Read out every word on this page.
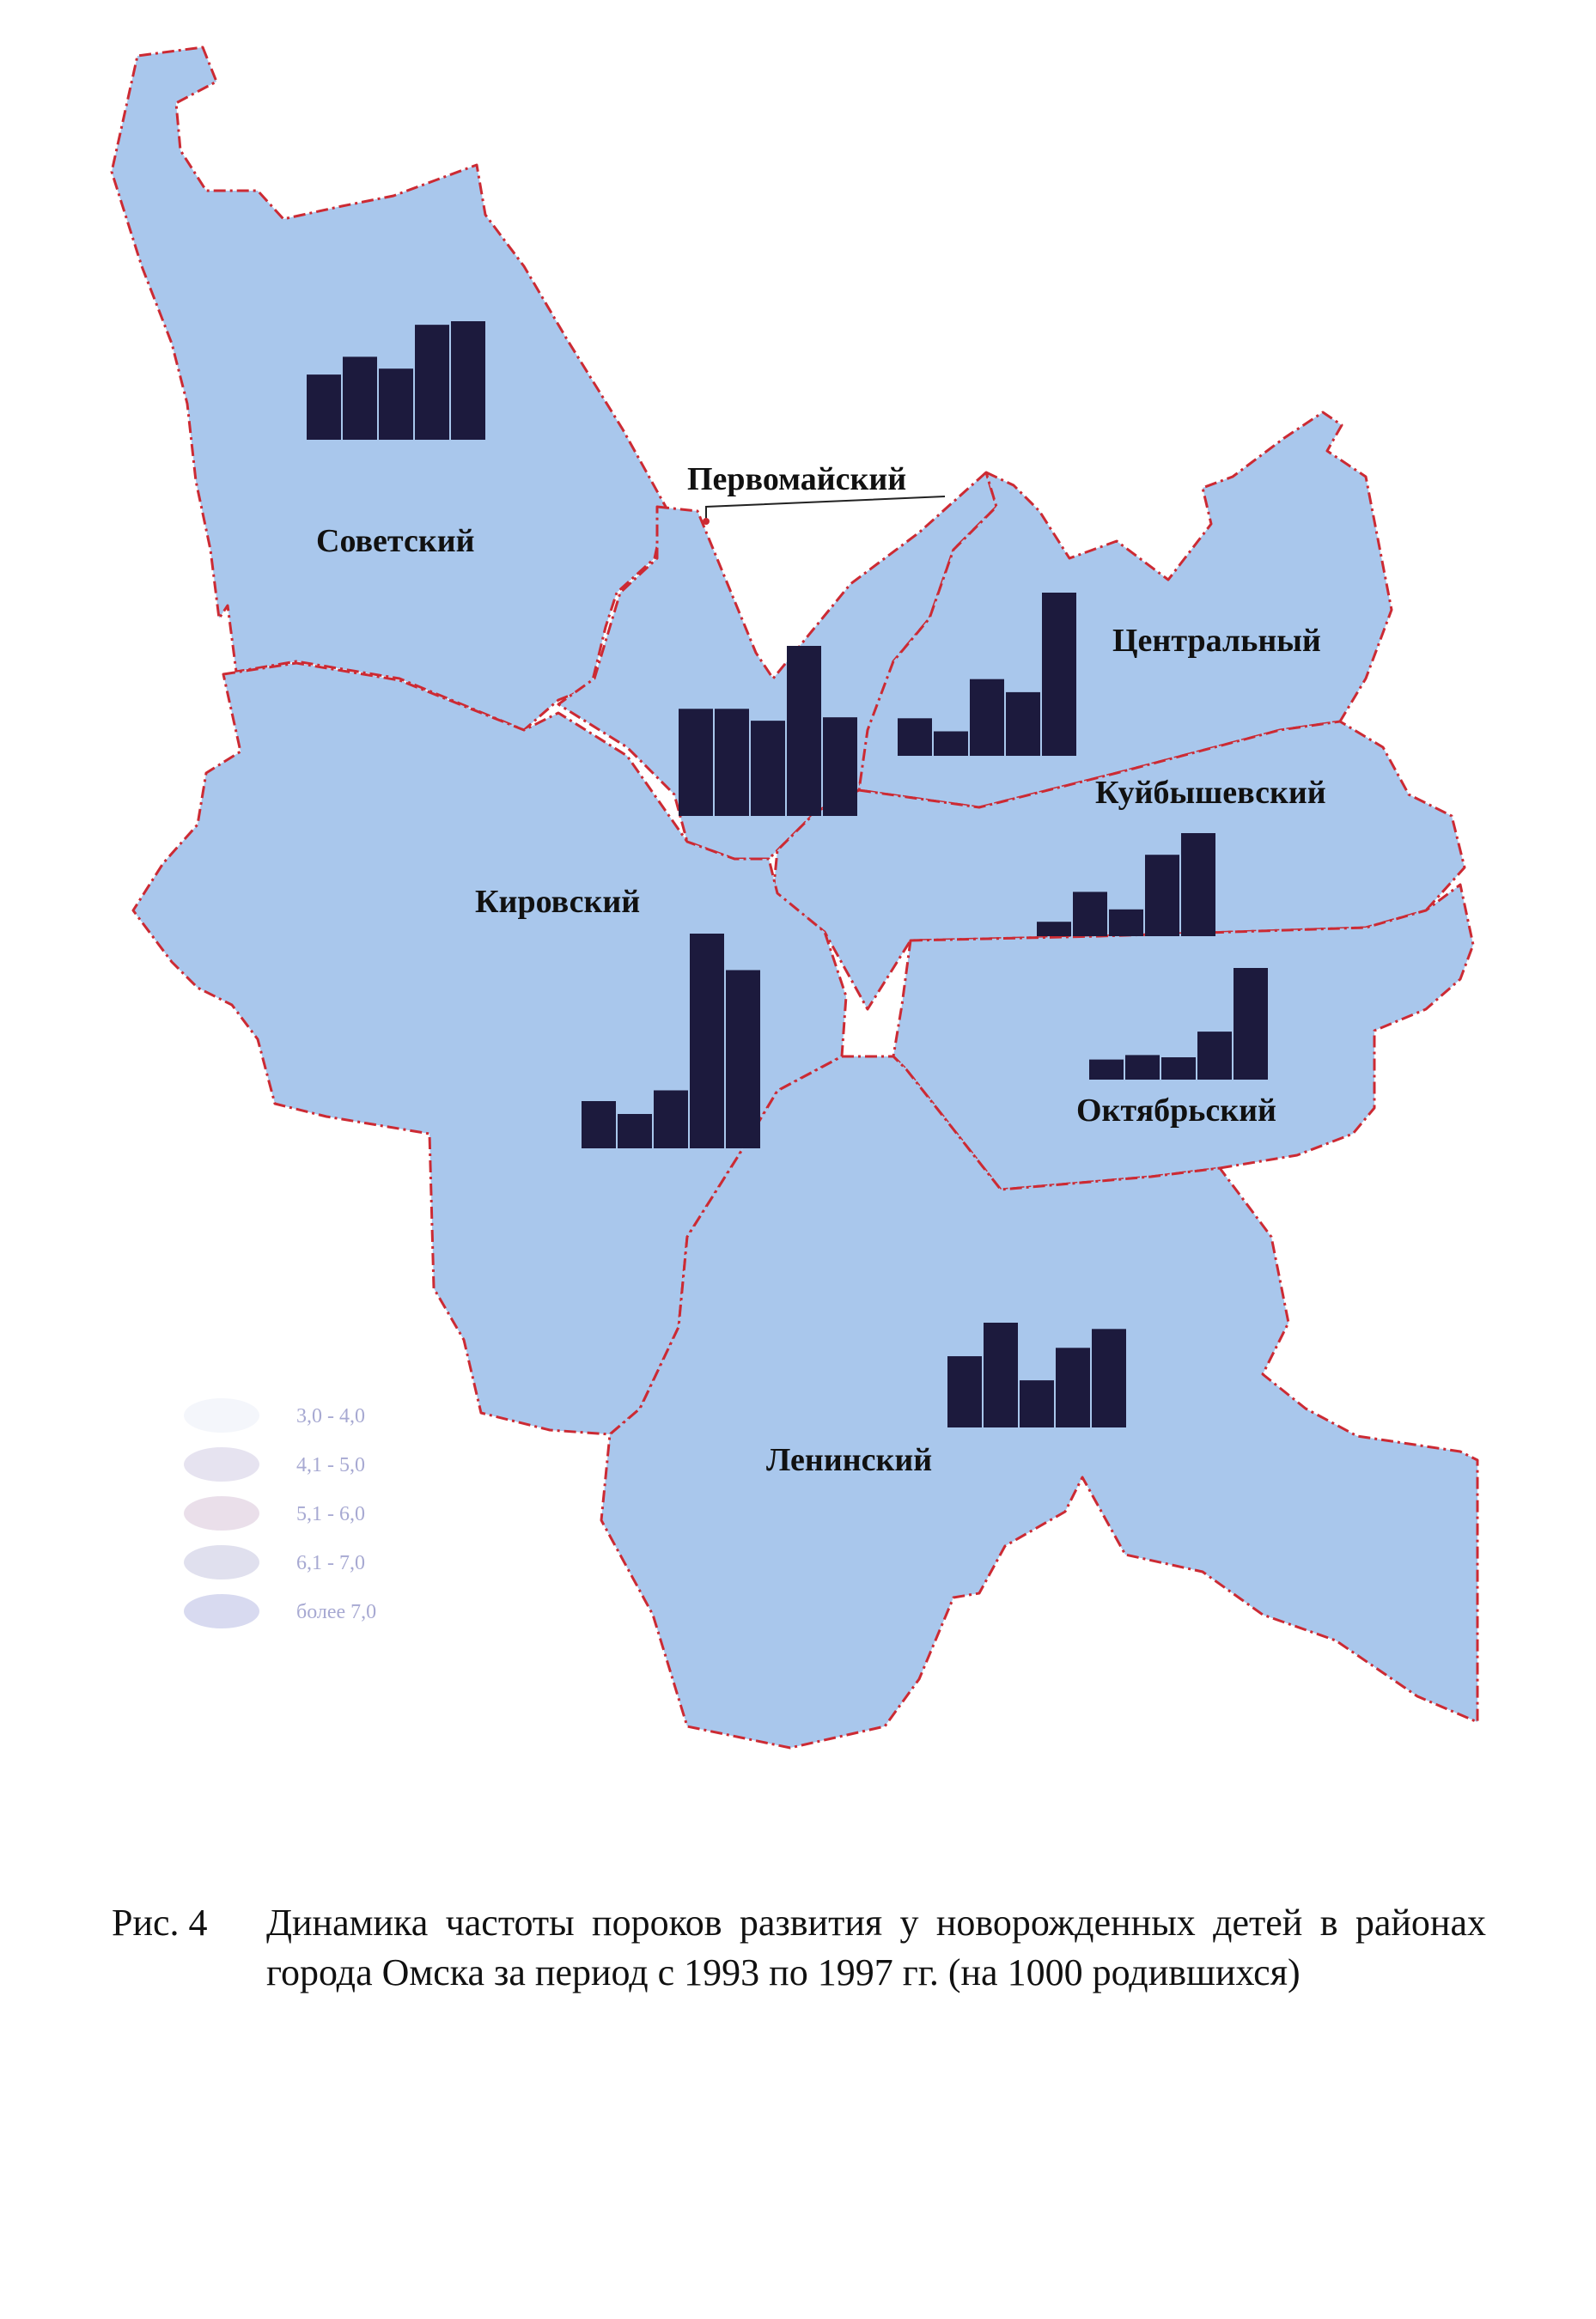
3,0 - 4,0
4,1 - 5,0
5,1 - 6,0
6,1 - 7,0
более 7,0
Советский
Первомайский
Центральный
Куйбышевский
Кировский
Октябрьский
Ленинский
Рис. 4	Динамика частоты пороков развития у новорожденных детей в районах города Омска за период с 1993 по 1997 гг. (на 1000 родившихся)
